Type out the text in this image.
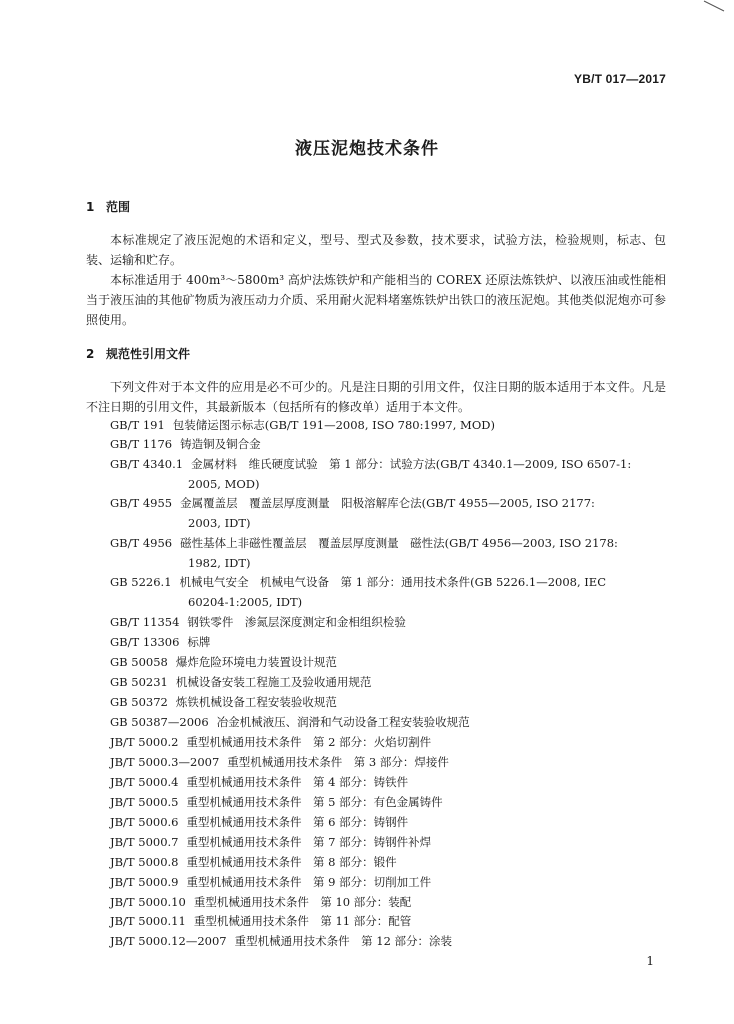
YB/T 017—2017
液压泥炮技术条件
1 范围
本标准规定了液压泥炮的术语和定义，型号、型式及参数，技术要求，试验方法，检验规则，标志、包装、运输和贮存。
本标准适用于 400m³～5800m³ 高炉法炼铁炉和产能相当的 COREX 还原法炼铁炉、以液压油或性能相当于液压油的其他矿物质为液压动力介质、采用耐火泥料堵塞炼铁炉出铁口的液压泥炮。其他类似泥炮亦可参照使用。
2 规范性引用文件
下列文件对于本文件的应用是必不可少的。凡是注日期的引用文件，仅注日期的版本适用于本文件。凡是不注日期的引用文件，其最新版本（包括所有的修改单）适用于本文件。
GB/T 191 包装储运图示标志(GB/T 191—2008, ISO 780:1997, MOD)
GB/T 1176 铸造铜及铜合金
GB/T 4340.1 金属材料　维氏硬度试验　第 1 部分：试验方法(GB/T 4340.1—2009, ISO 6507-1:
2005, MOD)
GB/T 4955 金属覆盖层　覆盖层厚度测量　阳极溶解库仑法(GB/T 4955—2005, ISO 2177:
2003, IDT)
GB/T 4956 磁性基体上非磁性覆盖层　覆盖层厚度测量　磁性法(GB/T 4956—2003, ISO 2178:
1982, IDT)
GB 5226.1 机械电气安全　机械电气设备　第 1 部分：通用技术条件(GB 5226.1—2008, IEC
60204-1:2005, IDT)
GB/T 11354 钢铁零件　渗氮层深度测定和金相组织检验
GB/T 13306 标牌
GB 50058 爆炸危险环境电力装置设计规范
GB 50231 机械设备安装工程施工及验收通用规范
GB 50372 炼铁机械设备工程安装验收规范
GB 50387—2006 冶金机械液压、润滑和气动设备工程安装验收规范
JB/T 5000.2 重型机械通用技术条件　第 2 部分：火焰切割件
JB/T 5000.3—2007 重型机械通用技术条件　第 3 部分：焊接件
JB/T 5000.4 重型机械通用技术条件　第 4 部分：铸铁件
JB/T 5000.5 重型机械通用技术条件　第 5 部分：有色金属铸件
JB/T 5000.6 重型机械通用技术条件　第 6 部分：铸钢件
JB/T 5000.7 重型机械通用技术条件　第 7 部分：铸钢件补焊
JB/T 5000.8 重型机械通用技术条件　第 8 部分：锻件
JB/T 5000.9 重型机械通用技术条件　第 9 部分：切削加工件
JB/T 5000.10 重型机械通用技术条件　第 10 部分：装配
JB/T 5000.11 重型机械通用技术条件　第 11 部分：配管
JB/T 5000.12—2007 重型机械通用技术条件　第 12 部分：涂装
1
